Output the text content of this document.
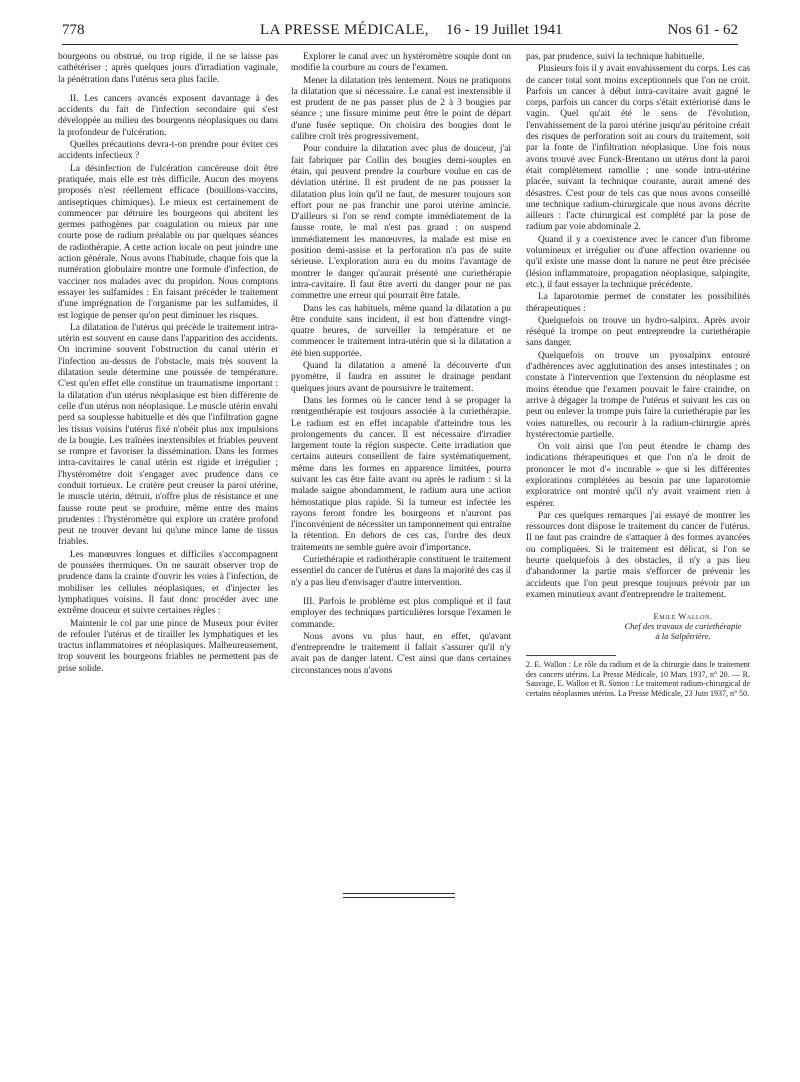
778	LA PRESSE MÉDICALE, 16 - 19 Juillet 1941	Nos 61 - 62

bourgeons ou obstrué, ou trop rigide, il ne se laisse pas cathétériser ; après quelques jours d'irradiation vaginale, la pénétration dans l'utérus sera plus facile.

II. Les cancers avancés exposent davantage à des accidents du fait de l'infection secondaire qui s'est développée au milieu des bourgeons néoplasiques ou dans la profondeur de l'ulcération.

Quelles précautions devra-t-on prendre pour éviter ces accidents infectieux ?

La désinfection de l'ulcération cancéreuse doit être pratiquée, mais elle est très difficile. Aucun des moyens proposés n'est réellement efficace (bouillons-vaccins, antiseptiques chimiques). Le mieux est certainement de commencer par détruire les bourgeons qui abritent les germes pathogènes par coagulation ou mieux par une courte pose de radium préalable ou par quelques séances de radiothérapie. A cette action locale on peut joindre une action générale. Nous avons l'habitude, chaque fois que la numération globulaire montre une formule d'infection, de vacciner nos malades avec du propidon. Nous comptons essayer les sulfamides : En faisant précéder le traitement d'une imprégnation de l'organisme par les sulfamides, il est logique de penser qu'on peut diminuer les risques.

La dilatation de l'utérus qui précède le traitement intra-utérin est souvent en cause dans l'apparition des accidents. On incrimine souvent l'obstruction du canal utérin et l'infection au-dessus de l'obstacle, mais très souvent la dilatation seule détermine une poussée de température. C'est qu'en effet elle constitue un traumatisme important : la dilatation d'un utérus néoplasique est bien différente de celle d'un utérus non néoplasique. Le muscle utérin envahi perd sa souplesse habituelle et dès que l'infiltration gagne les tissus voisins l'utérus fixé n'obéit plus aux impulsions de la bougie. Les traînées inextensibles et friables peuvent se rompre et favoriser la dissémination. Dans les formes intra-cavitaires le canal utérin est rigide et irrégulier ; l'hystéromètre doit s'engager avec prudence dans ce conduit tortueux. Le cratère peut creuser la paroi utérine, le muscle utérin, détruit, n'offre plus de résistance et une fausse route peut se produire, même entre des mains prudentes : l'hystéromètre qui explore un cratère profond peut ne trouver devant lui qu'une mince lame de tissus friables.

Les manœuvres longues et difficiles s'accompagnent de poussées thermiques. On ne saurait observer trop de prudence dans la crainte d'ouvrir les voies à l'infection, de mobiliser les cellules néoplasiques, et d'injecter les lymphatiques voisins. Il faut donc procéder avec une extrême douceur et suivre certaines règles :

Maintenir le col par une pince de Museux pour éviter de refouler l'utérus et de tirailler les lymphatiques et les tractus inflammatoires et néoplasiques. Malheureusement, trop souvent les bourgeons friables ne permettent pas de prise solide.

Explorer le canal avec un hystéromètre souple dont on modifie la courbure au cours de l'examen.

Mener la dilatation très lentement. Nous ne pratiquons la dilatation que si nécessaire. Le canal est inextensible il est prudent de ne pas passer plus de 2 à 3 bougies par séance ; une fissure minime peut être le point de départ d'une fusée septique. On choisira des bougies dont le calibre croît très progressivement.

Pour conduire la dilatation avec plus de douceur, j'ai fait fabriquer par Collin des bougies demi-souples en étain, qui peuvent prendre la courbure voulue en cas de déviation utérine. Il est prudent de ne pas pousser la dilatation plus loin qu'il ne faut, de mesurer toujours son effort pour ne pas franchir une paroi utérine amincie. D'ailleurs si l'on se rend compte immédiatement de la fausse route, le mal n'est pas grand : on suspend immédiatement les manœuvres, la malade est mise en position demi-assise et la perforation n'a pas de suite sérieuse. L'exploration aura eu du moins l'avantage de montrer le danger qu'aurait présenté une curiethérapie intra-cavitaire. Il faut être averti du danger pour ne pas commettre une erreur qui pourrait être fatale.

Dans les cas habituels, même quand la dilatation a pu être conduite sans incident, il est bon d'attendre vingt-quatre heures, de surveiller la température et ne commencer le traitement intra-utérin que si la dilatation a été bien supportée.

Quand la dilatation a amené la découverte d'un pyomètre, il faudra en assurer le drainage pendant quelques jours avant de poursuivre le traitement.

Dans les formes où le cancer tend à se propager la rœntgenthérapie est toujours associée à la curiethérapie. Le radium est en effet incapable d'atteindre tous les prolongements du cancer. Il est nécessaire d'irradier largement toute la région suspecte. Cette irradiation que certains auteurs conseillent de faire systématiquement, même dans les formes en apparence limitées, pourra suivant les cas être faite avant ou après le radium : si la malade saigne abondamment, le radium aura une action hémostatique plus rapide. Si la tumeur est infectée les rayons feront fondre les bourgeons et n'auront pas l'inconvénient de nécessiter un tamponnement qui entraîne la rétention. En dehors de ces cas, l'ordre des deux traitements ne semble guère avoir d'importance.

Curiethérapie et radiothérapie constituent le traitement essentiel du cancer de l'utérus et dans la majorité des cas il n'y a pas lieu d'envisager d'autre intervention.

III. Parfois le problème est plus compliqué et il faut employer des techniques particulières lorsque l'examen le commande.

Nous avons vu plus haut, en effet, qu'avant d'entreprendre le traitement il fallait s'assurer qu'il n'y avait pas de danger latent. C'est ainsi que dans certaines circonstances nous n'avons

pas, par prudence, suivi la technique habituelle.

Plusieurs fois il y avait envahissement du corps. Les cas de cancer total sont moins exceptionnels que l'on ne croit. Parfois un cancer à début intra-cavitaire avait gagné le corps, parfois un cancer du corps s'était extériorisé dans le vagin. Quel qu'ait été le sens de l'évolution, l'envahissement de la paroi utérine jusqu'au péritoine créait des risques de perforation soit au cours du traitement, soit par la fonte de l'infiltration néoplasique. Une fois nous avons trouvé avec Funck-Brentano un utérus dont la paroi était complètement ramollie ; une sonde intra-utérine placée, suivant la technique courante, aurait amené des désastres. C'est pour de tels cas que nous avons conseillé une technique radium-chirurgicale que nous avons décrite ailleurs : l'acte chirurgical est complété par la pose de radium par voie abdominale 2.

Quand il y a coexistence avec le cancer d'un fibrome volumineux et irrégulier ou d'une affection ovarienne ou qu'il existe une masse dont la nature ne peut être précisée (lésion inflammatoire, propagation néoplasique, salpingite, etc.), il faut essayer la technique précédente.

La laparotomie permet de constater les possibilités thérapeutiques :

Quelquefois on trouve un hydro-salpinx. Après avoir réséqué la trompe on peut entreprendre la curiethérapie sans danger.

Quelquefois on trouve un pyosalpinx entouré d'adhérences avec agglutination des anses intestinales ; on constate à l'intervention que l'extension du néoplasme est moins étendue que l'examen pouvait le faire craindre, on arrive à dégager la trompe de l'utérus et suivant les cas on peut ou enlever la trompe puis faire la curiethérapie par les voies naturelles, ou recourir à la radium-chirurgie après hystérectomie partielle.

On voit ainsi que l'on peut étendre le champ des indications thérapeutiques et que l'on n'a le droit de prononcer le mot d'« incurable » que si les différentes explorations complétées au besoin par une laparotomie exploratrice ont montré qu'il n'y avait vraiment rien à espérer.

Par ces quelques remarques j'ai essayé de montrer les ressources dont dispose le traitement du cancer de l'utérus. Il ne faut pas craindre de s'attaquer à des formes avancées ou compliquées. Si le traitement est délicat, si l'on se heurte quelquefois à des obstacles, il n'y a pas lieu d'abandonner la partie mais s'efforcer de prévenir les accidents que l'on peut presque toujours prévoir par un examen minutieux avant d'entreprendre le traitement.

Emilé Wallon.
Chef des travaux de curiethérapie
à la Salpêtrière.
2. E. Wallon : Le rôle du radium et de la chirurgie dans le traitement des cancers utérins. La Presse Médicale, 10 Mars 1937, n° 20. — R. Sauvage, E. Wallon et R. Simon : Le traitement radium-chirurgical de certains néoplasmes utérins. La Presse Médicale, 23 Juin 1937, n° 50.
